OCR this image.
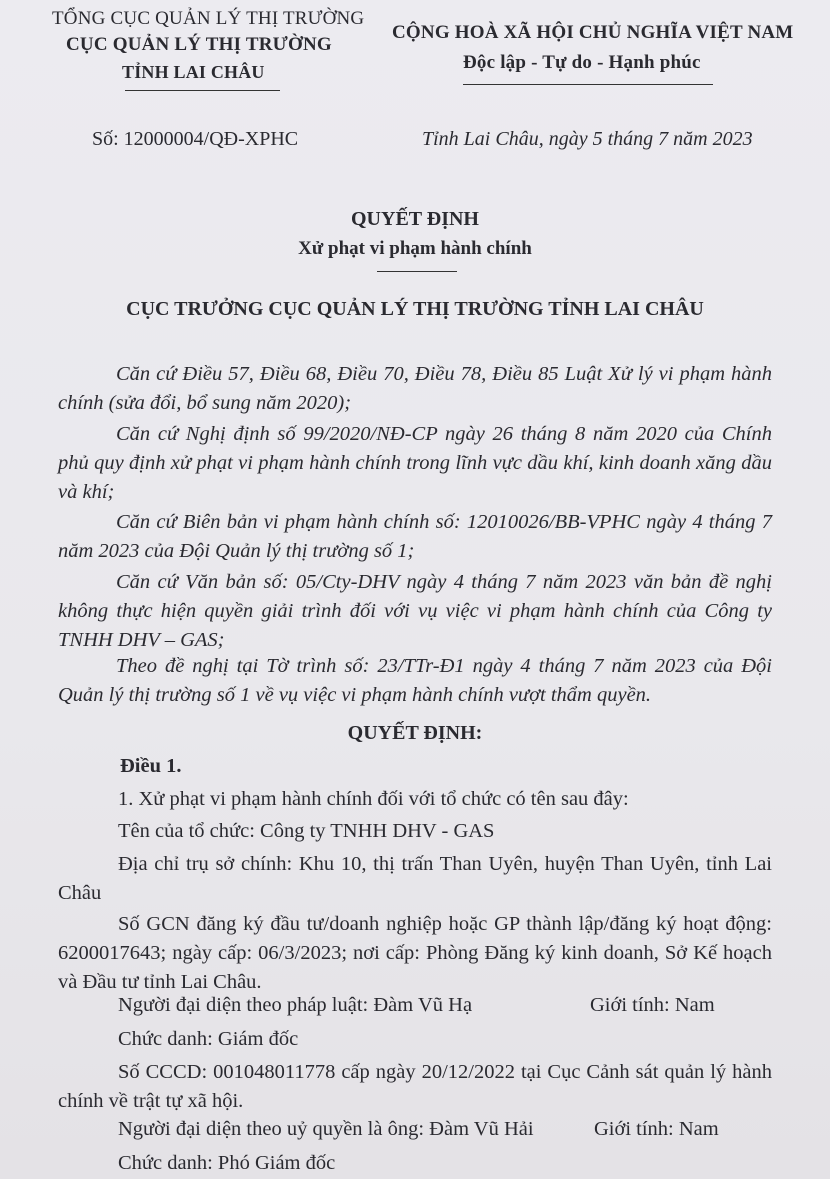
TỔNG CỤC QUẢN LÝ THỊ TRƯỜNG
CỤC QUẢN LÝ THỊ TRƯỜNG
TỈNH LAI CHÂU
CỘNG HOÀ XÃ HỘI CHỦ NGHĨA VIỆT NAM
Độc lập - Tự do - Hạnh phúc
Số: 12000004/QĐ-XPHC	Tỉnh Lai Châu, ngày 5 tháng 7 năm 2023
QUYẾT ĐỊNH
Xử phạt vi phạm hành chính
CỤC TRƯỞNG CỤC QUẢN LÝ THỊ TRƯỜNG TỈNH LAI CHÂU
Căn cứ Điều 57, Điều 68, Điều 70, Điều 78, Điều 85 Luật Xử lý vi phạm hành chính (sửa đổi, bổ sung năm 2020);
Căn cứ Nghị định số 99/2020/NĐ-CP ngày 26 tháng 8 năm 2020 của Chính phủ quy định xử phạt vi phạm hành chính trong lĩnh vực dầu khí, kinh doanh xăng dầu và khí;
Căn cứ Biên bản vi phạm hành chính số: 12010026/BB-VPHC ngày 4 tháng 7 năm 2023 của Đội Quản lý thị trường số 1;
Căn cứ Văn bản số: 05/Cty-DHV ngày 4 tháng 7 năm 2023 văn bản đề nghị không thực hiện quyền giải trình đối với vụ việc vi phạm hành chính của Công ty TNHH DHV – GAS;
Theo đề nghị tại Tờ trình số: 23/TTr-Đ1 ngày 4 tháng 7 năm 2023 của Đội Quản lý thị trường số 1 về vụ việc vi phạm hành chính vượt thẩm quyền.
QUYẾT ĐỊNH:
Điều 1.
1. Xử phạt vi phạm hành chính đối với tổ chức có tên sau đây:
Tên của tổ chức: Công ty TNHH DHV - GAS
Địa chỉ trụ sở chính: Khu 10, thị trấn Than Uyên, huyện Than Uyên, tỉnh Lai Châu
Số GCN đăng ký đầu tư/doanh nghiệp hoặc GP thành lập/đăng ký hoạt động: 6200017643; ngày cấp: 06/3/2023; nơi cấp: Phòng Đăng ký kinh doanh, Sở Kế hoạch và Đầu tư tỉnh Lai Châu.
Người đại diện theo pháp luật: Đàm Vũ Hạ	Giới tính: Nam
Chức danh: Giám đốc
Số CCCD: 001048011778 cấp ngày 20/12/2022 tại Cục Cảnh sát quản lý hành chính về trật tự xã hội.
Người đại diện theo uỷ quyền là ông: Đàm Vũ Hải	Giới tính: Nam
Chức danh: Phó Giám đốc
